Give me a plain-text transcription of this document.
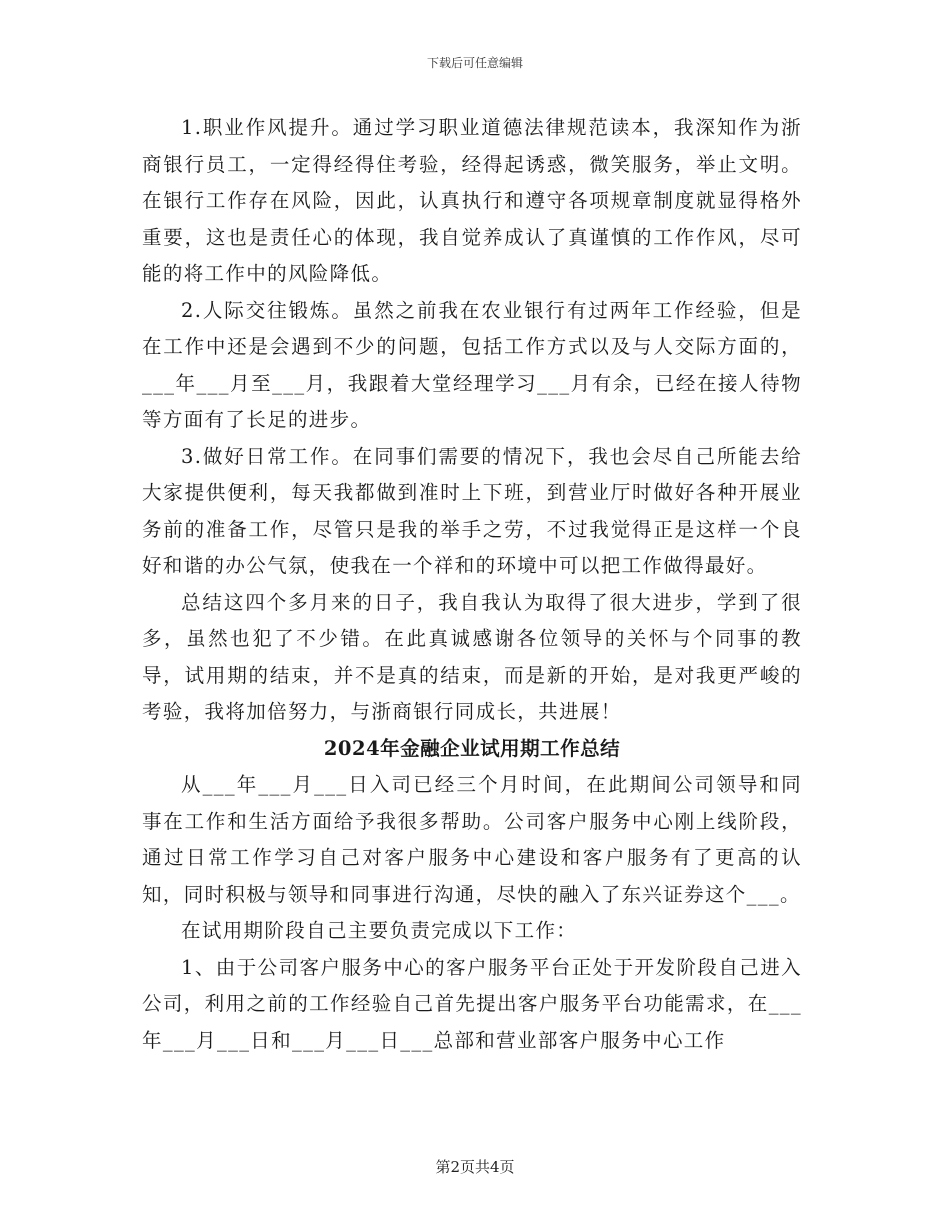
下载后可任意编辑

1.职业作风提升。通过学习职业道德法律规范读本，我深知作为浙商银行员工，一定得经得住考验，经得起诱惑，微笑服务，举止文明。在银行工作存在风险，因此，认真执行和遵守各项规章制度就显得格外重要，这也是责任心的体现，我自觉养成认了真谨慎的工作作风，尽可能的将工作中的风险降低。

2.人际交往锻炼。虽然之前我在农业银行有过两年工作经验，但是在工作中还是会遇到不少的问题，包括工作方式以及与人交际方面的，___年___月至___月，我跟着大堂经理学习___月有余，已经在接人待物等方面有了长足的进步。

3.做好日常工作。在同事们需要的情况下，我也会尽自己所能去给大家提供便利，每天我都做到准时上下班，到营业厅时做好各种开展业务前的准备工作，尽管只是我的举手之劳，不过我觉得正是这样一个良好和谐的办公气氛，使我在一个祥和的环境中可以把工作做得最好。

总结这四个多月来的日子，我自我认为取得了很大进步，学到了很多，虽然也犯了不少错。在此真诚感谢各位领导的关怀与个同事的教导，试用期的结束，并不是真的结束，而是新的开始，是对我更严峻的考验，我将加倍努力，与浙商银行同成长，共进展！

2024年金融企业试用期工作总结

从___年___月___日入司已经三个月时间，在此期间公司领导和同事在工作和生活方面给予我很多帮助。公司客户服务中心刚上线阶段，通过日常工作学习自己对客户服务中心建设和客户服务有了更高的认知，同时积极与领导和同事进行沟通，尽快的融入了东兴证券这个___。

在试用期阶段自己主要负责完成以下工作：

1、由于公司客户服务中心的客户服务平台正处于开发阶段自己进入公司，利用之前的工作经验自己首先提出客户服务平台功能需求，在___年___月___日和___月___日___总部和营业部客户服务中心工作

第2页共4页
